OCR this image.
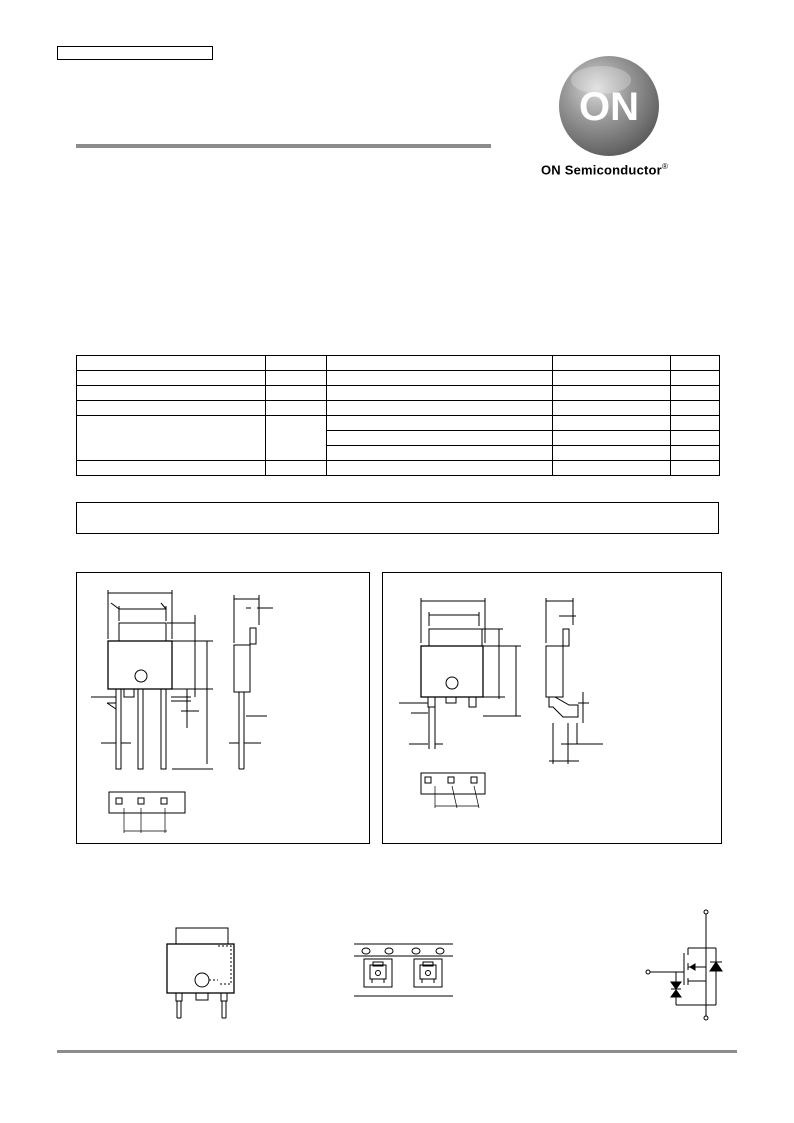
ON
ON Semiconductor®
